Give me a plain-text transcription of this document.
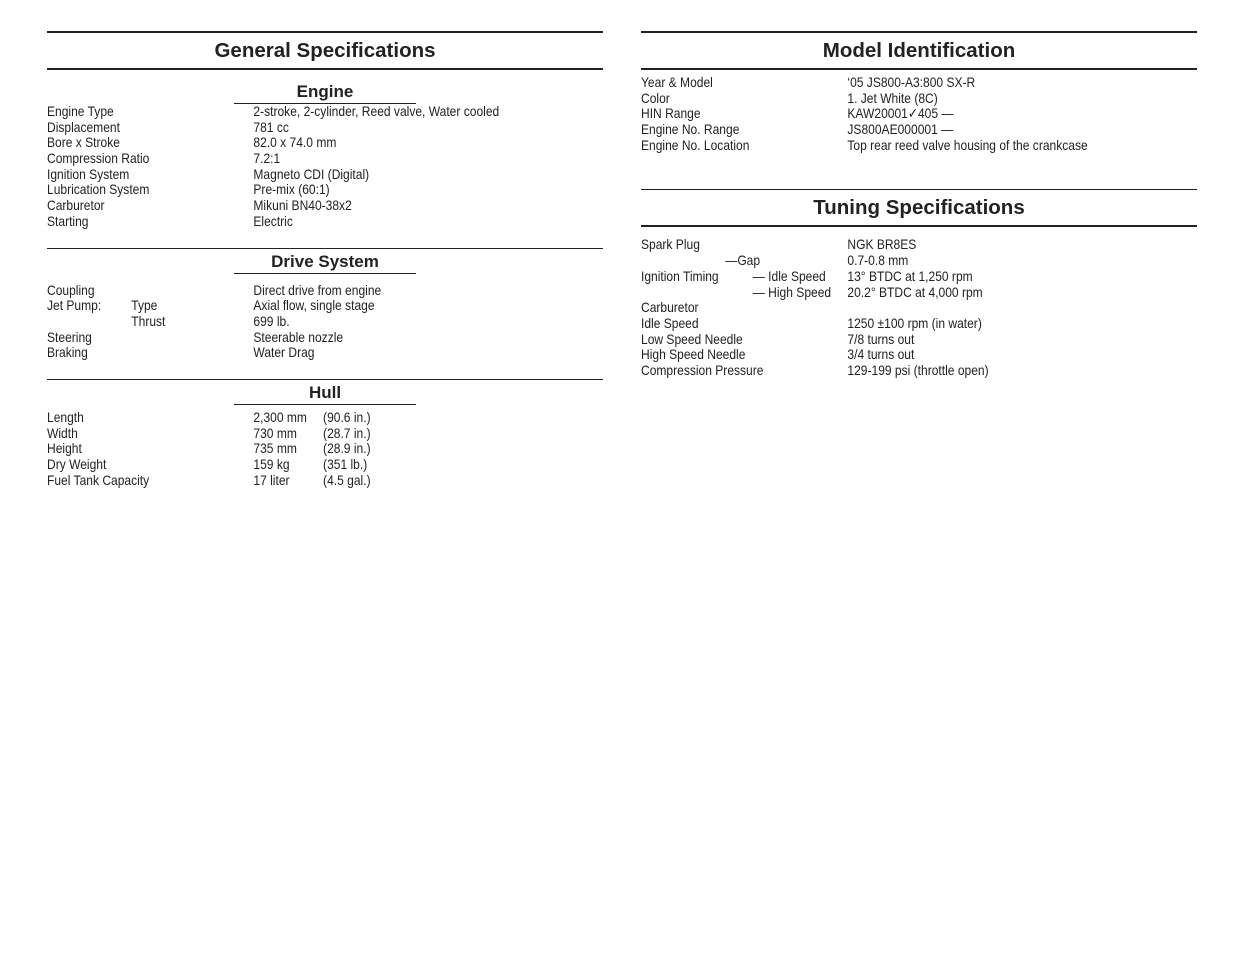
General Specifications
Engine
Engine Type	2-stroke, 2-cylinder, Reed valve, Water cooled
Displacement	781 cc
Bore x Stroke	82.0 x 74.0 mm
Compression Ratio	7.2:1
Ignition System	Magneto CDI (Digital)
Lubrication System	Pre-mix (60:1)
Carburetor	Mikuni BN40-38x2
Starting	Electric
Drive System
Coupling	Direct drive from engine
Jet Pump: Type	Axial flow, single stage
Thrust	699 lb.
Steering	Steerable nozzle
Braking	Water Drag
Hull
Length	2,300 mm (90.6 in.)
Width	730 mm (28.7 in.)
Height	735 mm (28.9 in.)
Dry Weight	159 kg (351 lb.)
Fuel Tank Capacity	17 liter (4.5 gal.)
Model Identification
Year & Model	‘05 JS800-A3:800 SX-R
Color	1. Jet White (8C)
HIN Range	KAW20001✓405 —
Engine No. Range	JS800AE000001 —
Engine No. Location	Top rear reed valve housing of the crankcase
Tuning Specifications
Spark Plug	NGK BR8ES
—Gap	0.7-0.8 mm
Ignition Timing — Idle Speed 13° BTDC at 1,250 rpm
— High Speed 20.2° BTDC at 4,000 rpm
Carburetor
Idle Speed	1250 ±100 rpm (in water)
Low Speed Needle	7/8 turns out
High Speed Needle	3/4 turns out
Compression Pressure	129-199 psi (throttle open)
